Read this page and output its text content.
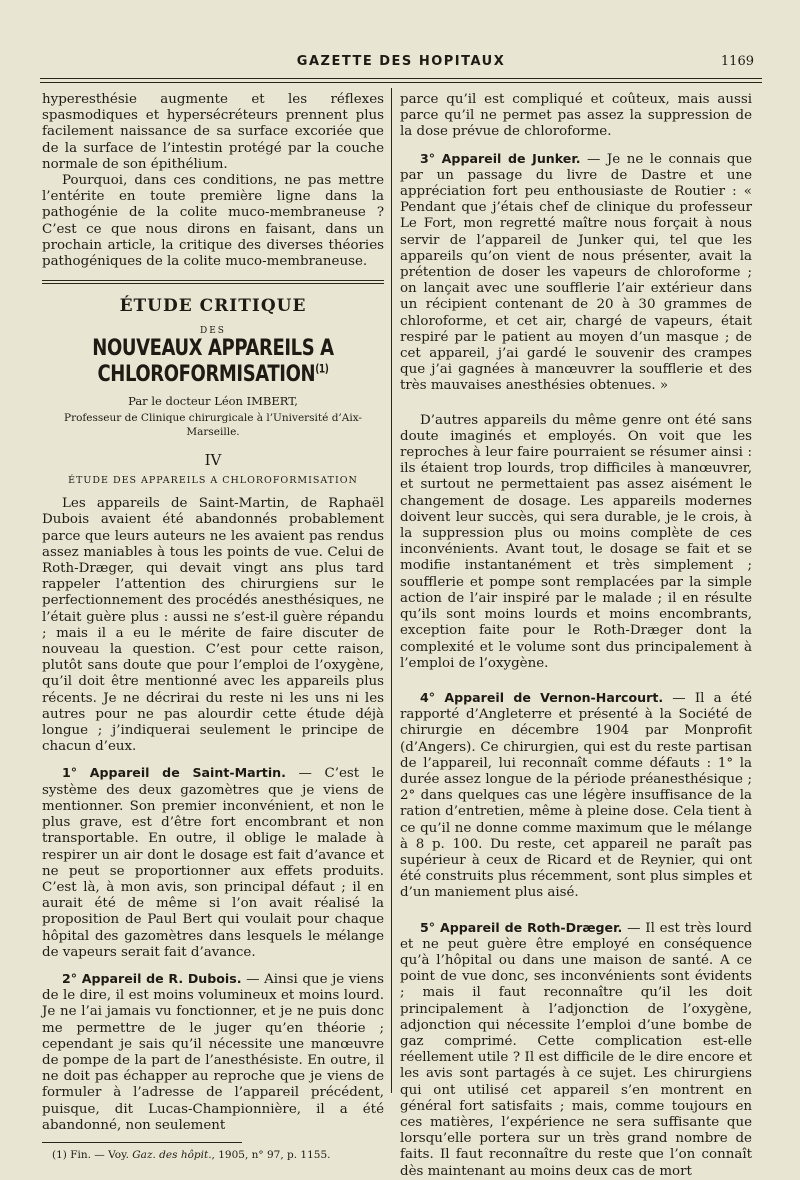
GAZETTE DES HOPITAUX	1169

hyperesthésie augmente et les réflexes spasmodiques et hypersécréteurs prennent plus facilement naissance de sa surface excoriée que de la surface de l’intestin protégé par la couche normale de son épithélium.

Pourquoi, dans ces conditions, ne pas mettre l’entérite en toute première ligne dans la pathogénie de la colite muco-membraneuse ? C’est ce que nous dirons en faisant, dans un prochain article, la critique des diverses théories pathogéniques de la colite muco-membraneuse.

ÉTUDE CRITIQUE
DES
NOUVEAUX APPAREILS A CHLOROFORMISATION$^{(1)}$
Par le docteur Léon IMBERT,
Professeur de Clinique chirurgicale à l’Université d’Aix-Marseille.
IV
ÉTUDE DES APPAREILS A CHLOROFORMISATION

Les appareils de Saint-Martin, de Raphaël Dubois avaient été abandonnés probablement parce que leurs auteurs ne les avaient pas rendus assez maniables à tous les points de vue. Celui de Roth-Dræger, qui devait vingt ans plus tard rappeler l’attention des chirurgiens sur le perfectionnement des procédés anesthésiques, ne l’était guère plus : aussi ne s’est-il guère répandu ; mais il a eu le mérite de faire discuter de nouveau la question. C’est pour cette raison, plutôt sans doute que pour l’emploi de l’oxygène, qu’il doit être mentionné avec les appareils plus récents. Je ne décrirai du reste ni les uns ni les autres pour ne pas alourdir cette étude déjà longue ; j’indiquerai seulement le principe de chacun d’eux.

1° Appareil de Saint-Martin. — C’est le système des deux gazomètres que je viens de mentionner. Son premier inconvénient, et non le plus grave, est d’être fort encombrant et non transportable. En outre, il oblige le malade à respirer un air dont le dosage est fait d’avance et ne peut se proportionner aux effets produits. C’est là, à mon avis, son principal défaut ; il en aurait été de même si l’on avait réalisé la proposition de Paul Bert qui voulait pour chaque hôpital des gazomètres dans lesquels le mélange de vapeurs serait fait d’avance.

2° Appareil de R. Dubois. — Ainsi que je viens de le dire, il est moins volumineux et moins lourd. Je ne l’ai jamais vu fonctionner, et je ne puis donc me permettre de le juger qu’en théorie ; cependant je sais qu’il nécessite une manœuvre de pompe de la part de l’anesthésiste. En outre, il ne doit pas échapper au reproche que je viens de formuler à l’adresse de l’appareil précédent, puisque, dit Lucas-Championnière, il a été abandonné, non seulement

(1) Fin. — Voy. Gaz. des hôpit., 1905, n° 97, p. 1155.

parce qu’il est compliqué et coûteux, mais aussi parce qu’il ne permet pas assez la suppression de la dose prévue de chloroforme.

3° Appareil de Junker. — Je ne le connais que par un passage du livre de Dastre et une appréciation fort peu enthousiaste de Routier : « Pendant que j’étais chef de clinique du professeur Le Fort, mon regretté maître nous forçait à nous servir de l’appareil de Junker qui, tel que les appareils qu’on vient de nous présenter, avait la prétention de doser les vapeurs de chloroforme ; on lançait avec une soufflerie l’air extérieur dans un récipient contenant de 20 à 30 grammes de chloroforme, et cet air, chargé de vapeurs, était respiré par le patient au moyen d’un masque ; de cet appareil, j’ai gardé le souvenir des crampes que j’ai gagnées à manœuvrer la soufflerie et des très mauvaises anesthésies obtenues. »

D’autres appareils du même genre ont été sans doute imaginés et employés. On voit que les reproches à leur faire pourraient se résumer ainsi : ils étaient trop lourds, trop difficiles à manœuvrer, et surtout ne permettaient pas assez aisément le changement de dosage. Les appareils modernes doivent leur succès, qui sera durable, je le crois, à la suppression plus ou moins complète de ces inconvénients. Avant tout, le dosage se fait et se modifie instantanément et très simplement ; soufflerie et pompe sont remplacées par la simple action de l’air inspiré par le malade ; il en résulte qu’ils sont moins lourds et moins encombrants, exception faite pour le Roth-Dræger dont la complexité et le volume sont dus principalement à l’emploi de l’oxygène.

4° Appareil de Vernon-Harcourt. — Il a été rapporté d’Angleterre et présenté à la Société de chirurgie en décembre 1904 par Monprofit (d’Angers). Ce chirurgien, qui est du reste partisan de l’appareil, lui reconnaît comme défauts : 1° la durée assez longue de la période préanesthésique ; 2° dans quelques cas une légère insuffisance de la ration d’entretien, même à pleine dose. Cela tient à ce qu’il ne donne comme maximum que le mélange à 8 p. 100. Du reste, cet appareil ne paraît pas supérieur à ceux de Ricard et de Reynier, qui ont été construits plus récemment, sont plus simples et d’un maniement plus aisé.

5° Appareil de Roth-Dræger. — Il est très lourd et ne peut guère être employé en conséquence qu’à l’hôpital ou dans une maison de santé. A ce point de vue donc, ses inconvénients sont évidents ; mais il faut reconnaître qu’il les doit principalement à l’adjonction de l’oxygène, adjonction qui nécessite l’emploi d’une bombe de gaz comprimé. Cette complication est-elle réellement utile ? Il est difficile de le dire encore et les avis sont partagés à ce sujet. Les chirurgiens qui ont utilisé cet appareil s’en montrent en général fort satisfaits ; mais, comme toujours en ces matières, l’expérience ne sera suffisante que lorsqu’elle portera sur un très grand nombre de faits. Il faut reconnaître du reste que l’on connaît dès maintenant au moins deux cas de mort
